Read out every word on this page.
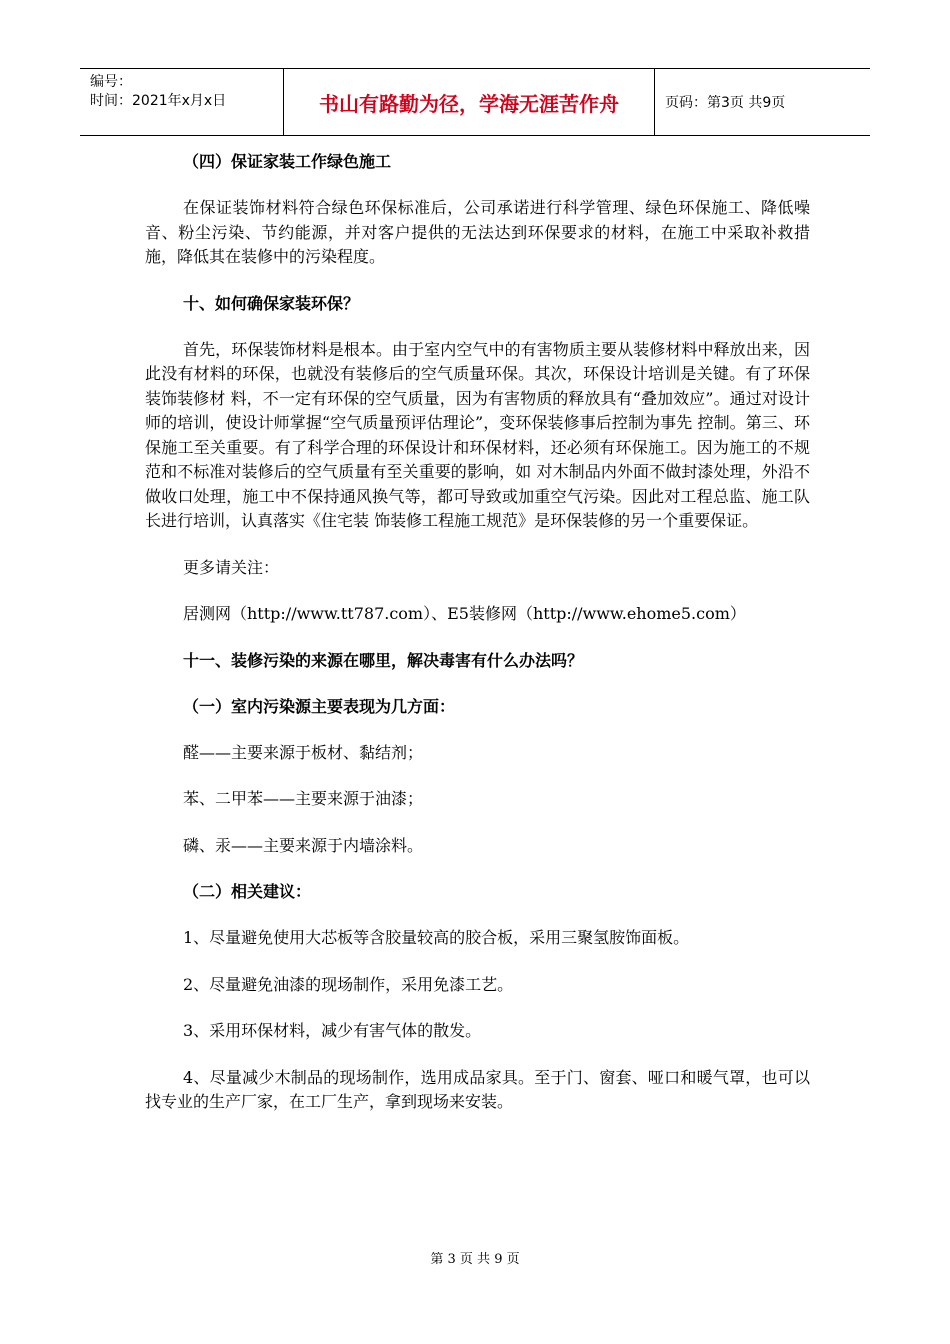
编号：
时间：2021年x月x日	书山有路勤为径，学海无涯苦作舟	页码：第3页 共9页
（四）保证家装工作绿色施工
在保证装饰材料符合绿色环保标准后，公司承诺进行科学管理、绿色环保施工、降低噪音、粉尘污染、节约能源，并对客户提供的无法达到环保要求的材料，在施工中采取补救措施，降低其在装修中的污染程度。
十、如何确保家装环保？
首先，环保装饰材料是根本。由于室内空气中的有害物质主要从装修材料中释放出来，因此没有材料的环保，也就没有装修后的空气质量环保。其次，环保设计培训是关键。有了环保装饰装修材 料，不一定有环保的空气质量，因为有害物质的释放具有“叠加效应”。通过对设计师的培训，使设计师掌握“空气质量预评估理论”，变环保装修事后控制为事先 控制。第三、环保施工至关重要。有了科学合理的环保设计和环保材料，还必须有环保施工。因为施工的不规范和不标准对装修后的空气质量有至关重要的影响，如 对木制品内外面不做封漆处理，外沿不做收口处理，施工中不保持通风换气等，都可导致或加重空气污染。因此对工程总监、施工队长进行培训，认真落实《住宅装 饰装修工程施工规范》是环保装修的另一个重要保证。
更多请关注：
居测网（http://www.tt787.com）、E5装修网（http://www.ehome5.com）
十一、装修污染的来源在哪里，解决毒害有什么办法吗？
（一）室内污染源主要表现为几方面：
醛——主要来源于板材、黏结剂；
苯、二甲苯——主要来源于油漆；
磷、汞——主要来源于内墙涂料。
（二）相关建议：
1、尽量避免使用大芯板等含胶量较高的胶合板，采用三聚氢胺饰面板。
2、尽量避免油漆的现场制作，采用免漆工艺。
3、采用环保材料，减少有害气体的散发。
4、尽量减少木制品的现场制作，选用成品家具。至于门、窗套、哑口和暖气罩，也可以找专业的生产厂家，在工厂生产，拿到现场来安装。
第 3 页 共 9 页
